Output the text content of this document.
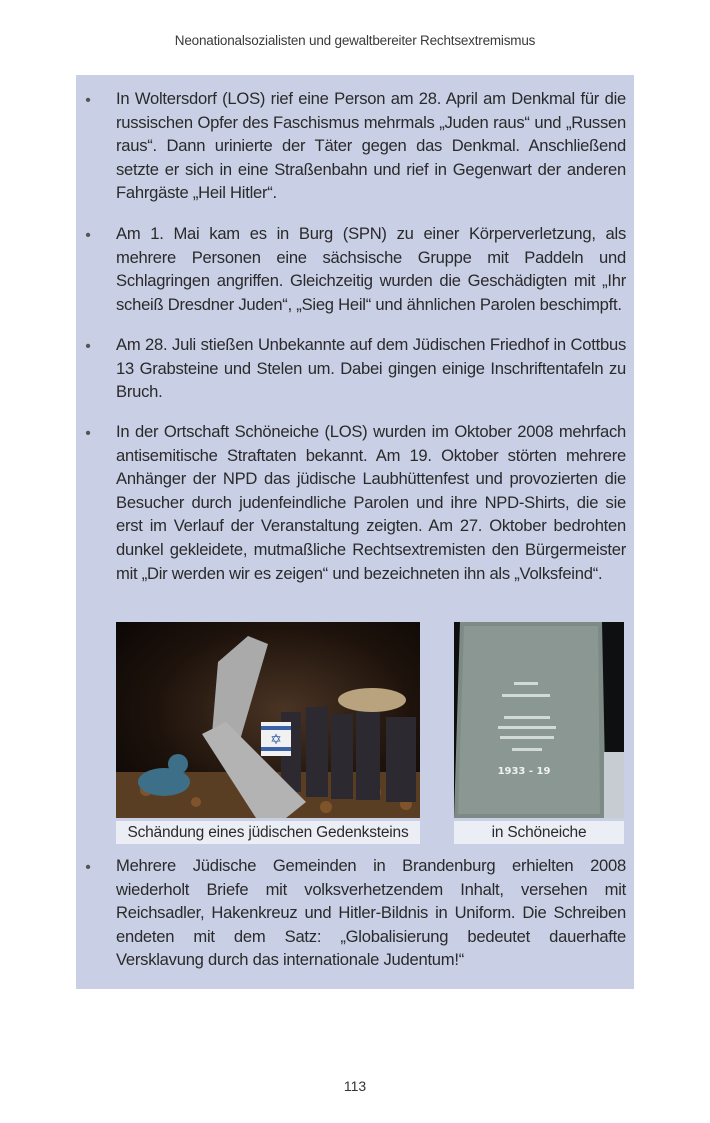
Neonationalsozialisten und gewaltbereiter Rechtsextremismus
• In Woltersdorf (LOS) rief eine Person am 28. April am Denkmal für die russischen Opfer des Faschismus mehrmals „Juden raus“ und „Russen raus“. Dann urinierte der Täter gegen das Denkmal. Anschließend setzte er sich in eine Straßenbahn und rief in Gegenwart der anderen Fahrgäste „Heil Hitler“.
• Am 1. Mai kam es in Burg (SPN) zu einer Körperverletzung, als mehrere Personen eine sächsische Gruppe mit Paddeln und Schlagringen angriffen. Gleichzeitig wurden die Geschädigten mit „Ihr scheiß Dresdner Juden“, „Sieg Heil“ und ähnlichen Parolen beschimpft.
• Am 28. Juli stießen Unbekannte auf dem Jüdischen Friedhof in Cottbus 13 Grabsteine und Stelen um. Dabei gingen einige Inschriftentafeln zu Bruch.
• In der Ortschaft Schöneiche (LOS) wurden im Oktober 2008 mehrfach antisemitische Straftaten bekannt. Am 19. Oktober störten mehrere Anhänger der NPD das jüdische Laubhüttenfest und provozierten die Besucher durch judenfeindliche Parolen und ihre NPD-Shirts, die sie erst im Verlauf der Veranstaltung zeigten. Am 27. Oktober bedrohten dunkel gekleidete, mutmaßliche Rechtsextremisten den Bürgermeister mit „Dir werden wir es zeigen“ und bezeichneten ihn als „Volksfeind“.
✡
Schändung eines jüdischen Gedenksteins
1933 - 19
in Schöneiche
• Mehrere Jüdische Gemeinden in Brandenburg erhielten 2008 wiederholt Briefe mit volksverhetzendem Inhalt, versehen mit Reichsadler, Hakenkreuz und Hitler-Bildnis in Uniform. Die Schreiben endeten mit dem Satz: „Globalisierung bedeutet dauerhafte Versklavung durch das internationale Judentum!“
113
